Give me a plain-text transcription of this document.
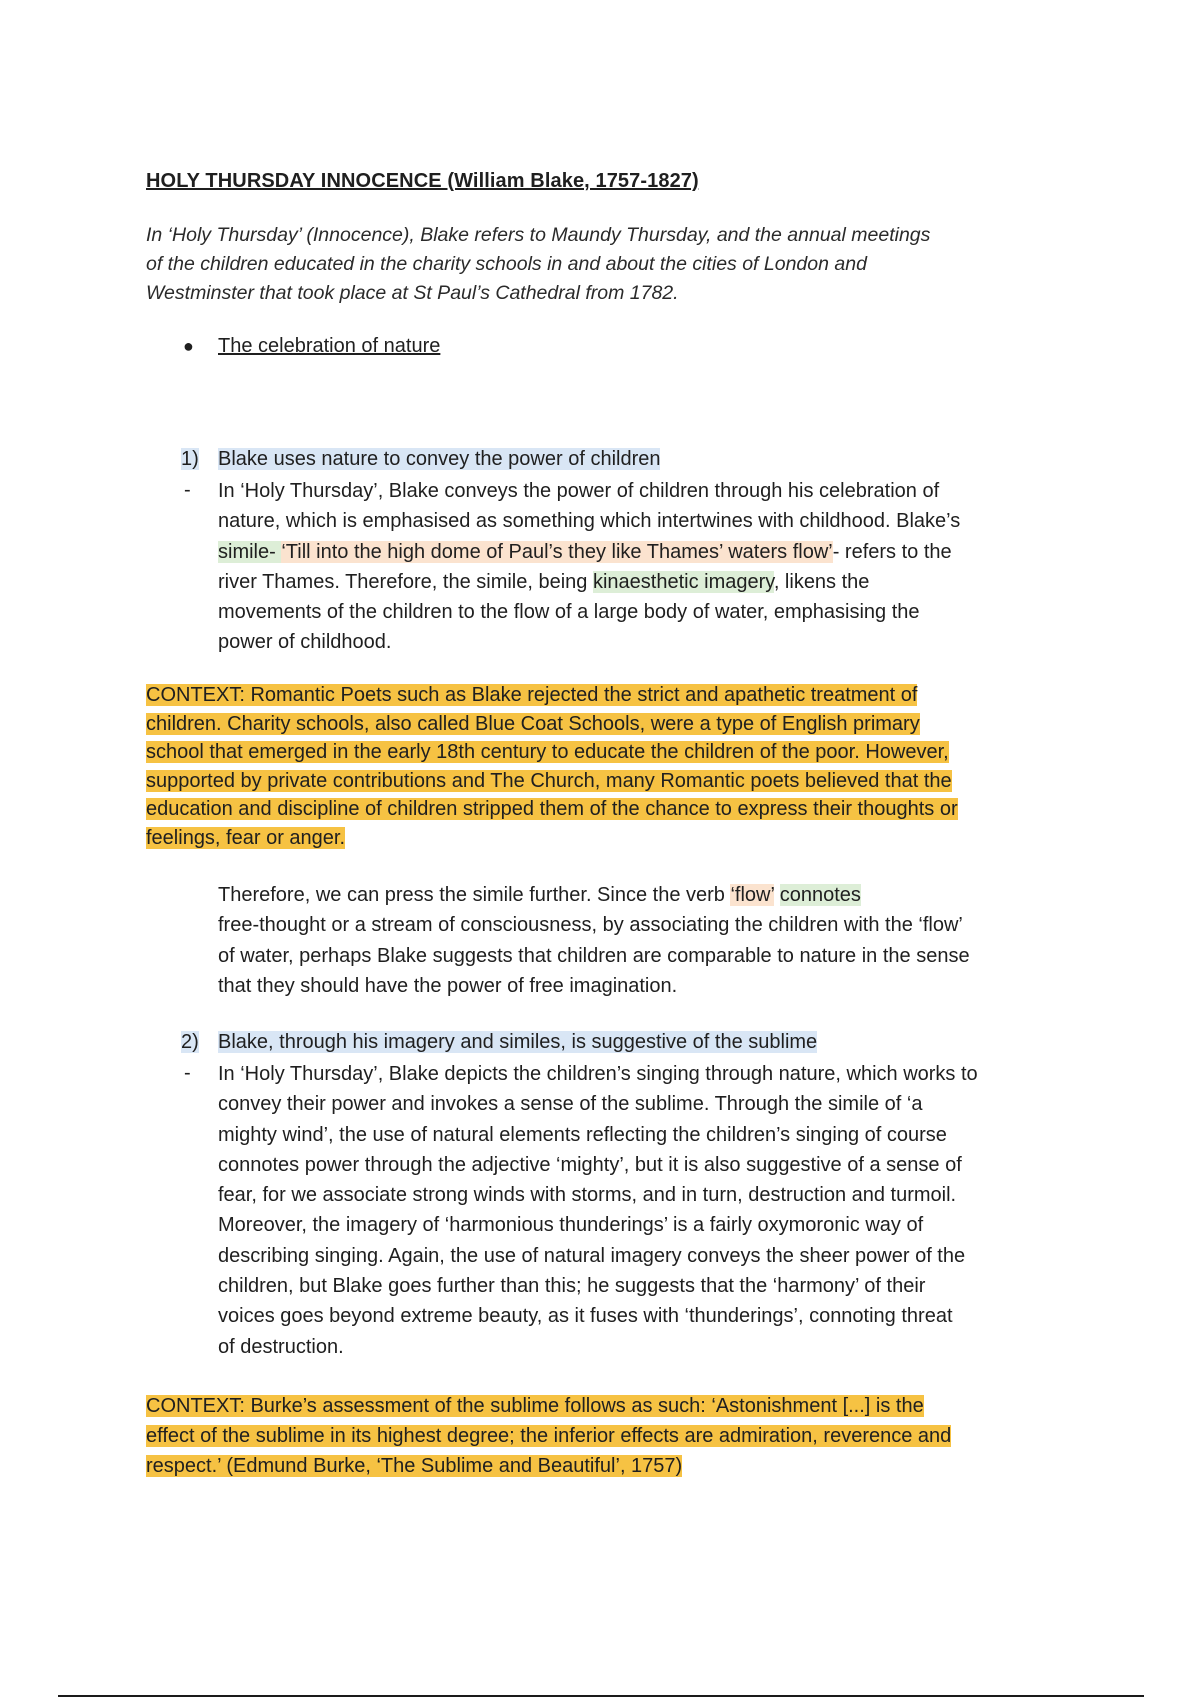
HOLY THURSDAY INNOCENCE (William Blake, 1757-1827)
In ‘Holy Thursday’ (Innocence), Blake refers to Maundy Thursday, and the annual meetings
of the children educated in the charity schools in and about the cities of London and
Westminster that took place at St Paul’s Cathedral from 1782.
● The celebration of nature
1) Blake uses nature to convey the power of children
- In ‘Holy Thursday’, Blake conveys the power of children through his celebration of
nature, which is emphasised as something which intertwines with childhood. Blake’s
simile- ‘Till into the high dome of Paul’s they like Thames’ waters flow’- refers to the
river Thames. Therefore, the simile, being kinaesthetic imagery, likens the
movements of the children to the flow of a large body of water, emphasising the
power of childhood.
CONTEXT: Romantic Poets such as Blake rejected the strict and apathetic treatment of
children. Charity schools, also called Blue Coat Schools, were a type of English primary
school that emerged in the early 18th century to educate the children of the poor. However,
supported by private contributions and The Church, many Romantic poets believed that the
education and discipline of children stripped them of the chance to express their thoughts or
feelings, fear or anger.
Therefore, we can press the simile further. Since the verb ‘flow’ connotes
free-thought or a stream of consciousness, by associating the children with the ‘flow’
of water, perhaps Blake suggests that children are comparable to nature in the sense
that they should have the power of free imagination.
2) Blake, through his imagery and similes, is suggestive of the sublime
- In ‘Holy Thursday’, Blake depicts the children’s singing through nature, which works to
convey their power and invokes a sense of the sublime. Through the simile of ‘a
mighty wind’, the use of natural elements reflecting the children’s singing of course
connotes power through the adjective ‘mighty’, but it is also suggestive of a sense of
fear, for we associate strong winds with storms, and in turn, destruction and turmoil.
Moreover, the imagery of ‘harmonious thunderings’ is a fairly oxymoronic way of
describing singing. Again, the use of natural imagery conveys the sheer power of the
children, but Blake goes further than this; he suggests that the ‘harmony’ of their
voices goes beyond extreme beauty, as it fuses with ‘thunderings’, connoting threat
of destruction.
CONTEXT: Burke’s assessment of the sublime follows as such: ‘Astonishment [...] is the
effect of the sublime in its highest degree; the inferior effects are admiration, reverence and
respect.’ (Edmund Burke, ‘The Sublime and Beautiful’, 1757)
